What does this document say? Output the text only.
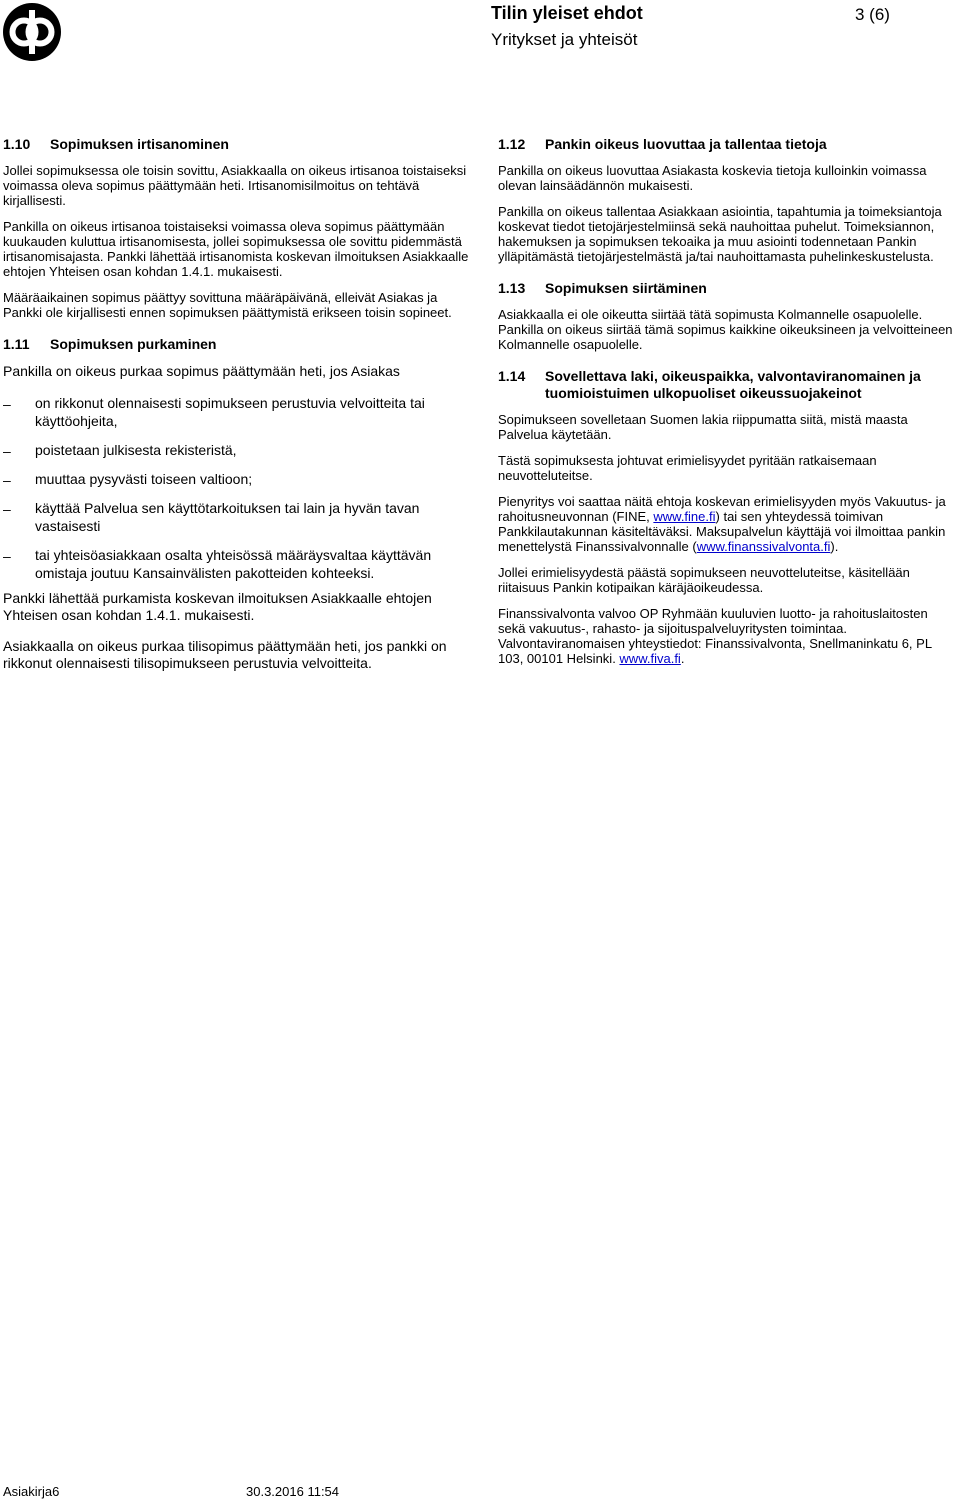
Tilin yleiset ehdot	3 (6)
Yritykset ja yhteisöt
1.10	Sopimuksen irtisanominen

Jollei sopimuksessa ole toisin sovittu, Asiakkaalla on oikeus irtisanoa toistaiseksi voimassa oleva sopimus päättymään heti. Irtisanomisilmoitus on tehtävä kirjallisesti.

Pankilla on oikeus irtisanoa toistaiseksi voimassa oleva sopimus päättymään kuukauden kuluttua irtisanomisesta, jollei sopimuksessa ole sovittu pidemmästä irtisanomisajasta. Pankki lähettää irtisanomista koskevan ilmoituksen Asiakkaalle ehtojen Yhteisen osan kohdan 1.4.1. mukaisesti.

Määräaikainen sopimus päättyy sovittuna määräpäivänä, elleivät Asiakas ja Pankki ole kirjallisesti ennen sopimuksen päättymistä erikseen toisin sopineet.

1.11	Sopimuksen purkaminen

Pankilla on oikeus purkaa sopimus päättymään heti, jos Asiakas

–	on rikkonut olennaisesti sopimukseen perustuvia velvoitteita tai käyttöohjeita,
–	poistetaan julkisesta rekisteristä,
–	muuttaa pysyvästi toiseen valtioon;
–	käyttää Palvelua sen käyttötarkoituksen tai lain ja hyvän tavan vastaisesti
–	tai yhteisöasiakkaan osalta yhteisössä määräysvaltaa käyttävän omistaja joutuu Kansainvälisten pakotteiden kohteeksi.

Pankki lähettää purkamista koskevan ilmoituksen Asiakkaalle ehtojen Yhteisen osan kohdan 1.4.1. mukaisesti.

Asiakkaalla on oikeus purkaa tilisopimus päättymään heti, jos pankki on rikkonut olennaisesti tilisopimukseen perustuvia velvoitteita.

1.12	Pankin oikeus luovuttaa ja tallentaa tietoja

Pankilla on oikeus luovuttaa Asiakasta koskevia tietoja kulloinkin voimassa olevan lainsäädännön mukaisesti.

Pankilla on oikeus tallentaa Asiakkaan asiointia, tapahtumia ja toimeksiantoja koskevat tiedot tietojärjestelmiinsä sekä nauhoittaa puhelut. Toimeksiannon, hakemuksen ja sopimuksen tekoaika ja muu asiointi todennetaan Pankin ylläpitämästä tietojärjestelmästä ja/tai nauhoittamasta puhelinkeskustelusta.

1.13	Sopimuksen siirtäminen

Asiakkaalla ei ole oikeutta siirtää tätä sopimusta Kolmannelle osapuolelle. Pankilla on oikeus siirtää tämä sopimus kaikkine oikeuksineen ja velvoitteineen Kolmannelle osapuolelle.

1.14	Sovellettava laki, oikeuspaikka, valvontaviranomainen ja tuomioistuimen ulkopuoliset oikeussuojakeinot

Sopimukseen sovelletaan Suomen lakia riippumatta siitä, mistä maasta Palvelua käytetään.

Tästä sopimuksesta johtuvat erimielisyydet pyritään ratkaisemaan neuvotteluteitse.

Pienyritys voi saattaa näitä ehtoja koskevan erimielisyyden myös Vakuutus- ja rahoitusneuvonnan (FINE, www.fine.fi) tai sen yhteydessä toimivan Pankkilautakunnan käsiteltäväksi. Maksupalvelun käyttäjä voi ilmoittaa pankin menettelystä Finanssivalvonnalle (www.finanssivalvonta.fi).

Jollei erimielisyydestä päästä sopimukseen neuvotteluteitse, käsitellään riitaisuus Pankin kotipaikan käräjäoikeudessa.

Finanssivalvonta valvoo OP Ryhmään kuuluvien luotto- ja rahoituslaitosten sekä vakuutus-, rahasto- ja sijoituspalveluyritysten toimintaa. Valvontaviranomaisen yhteystiedot: Finanssivalvonta, Snellmaninkatu 6, PL 103, 00101 Helsinki. www.fiva.fi.

Asiakirja6	30.3.2016 11:54
